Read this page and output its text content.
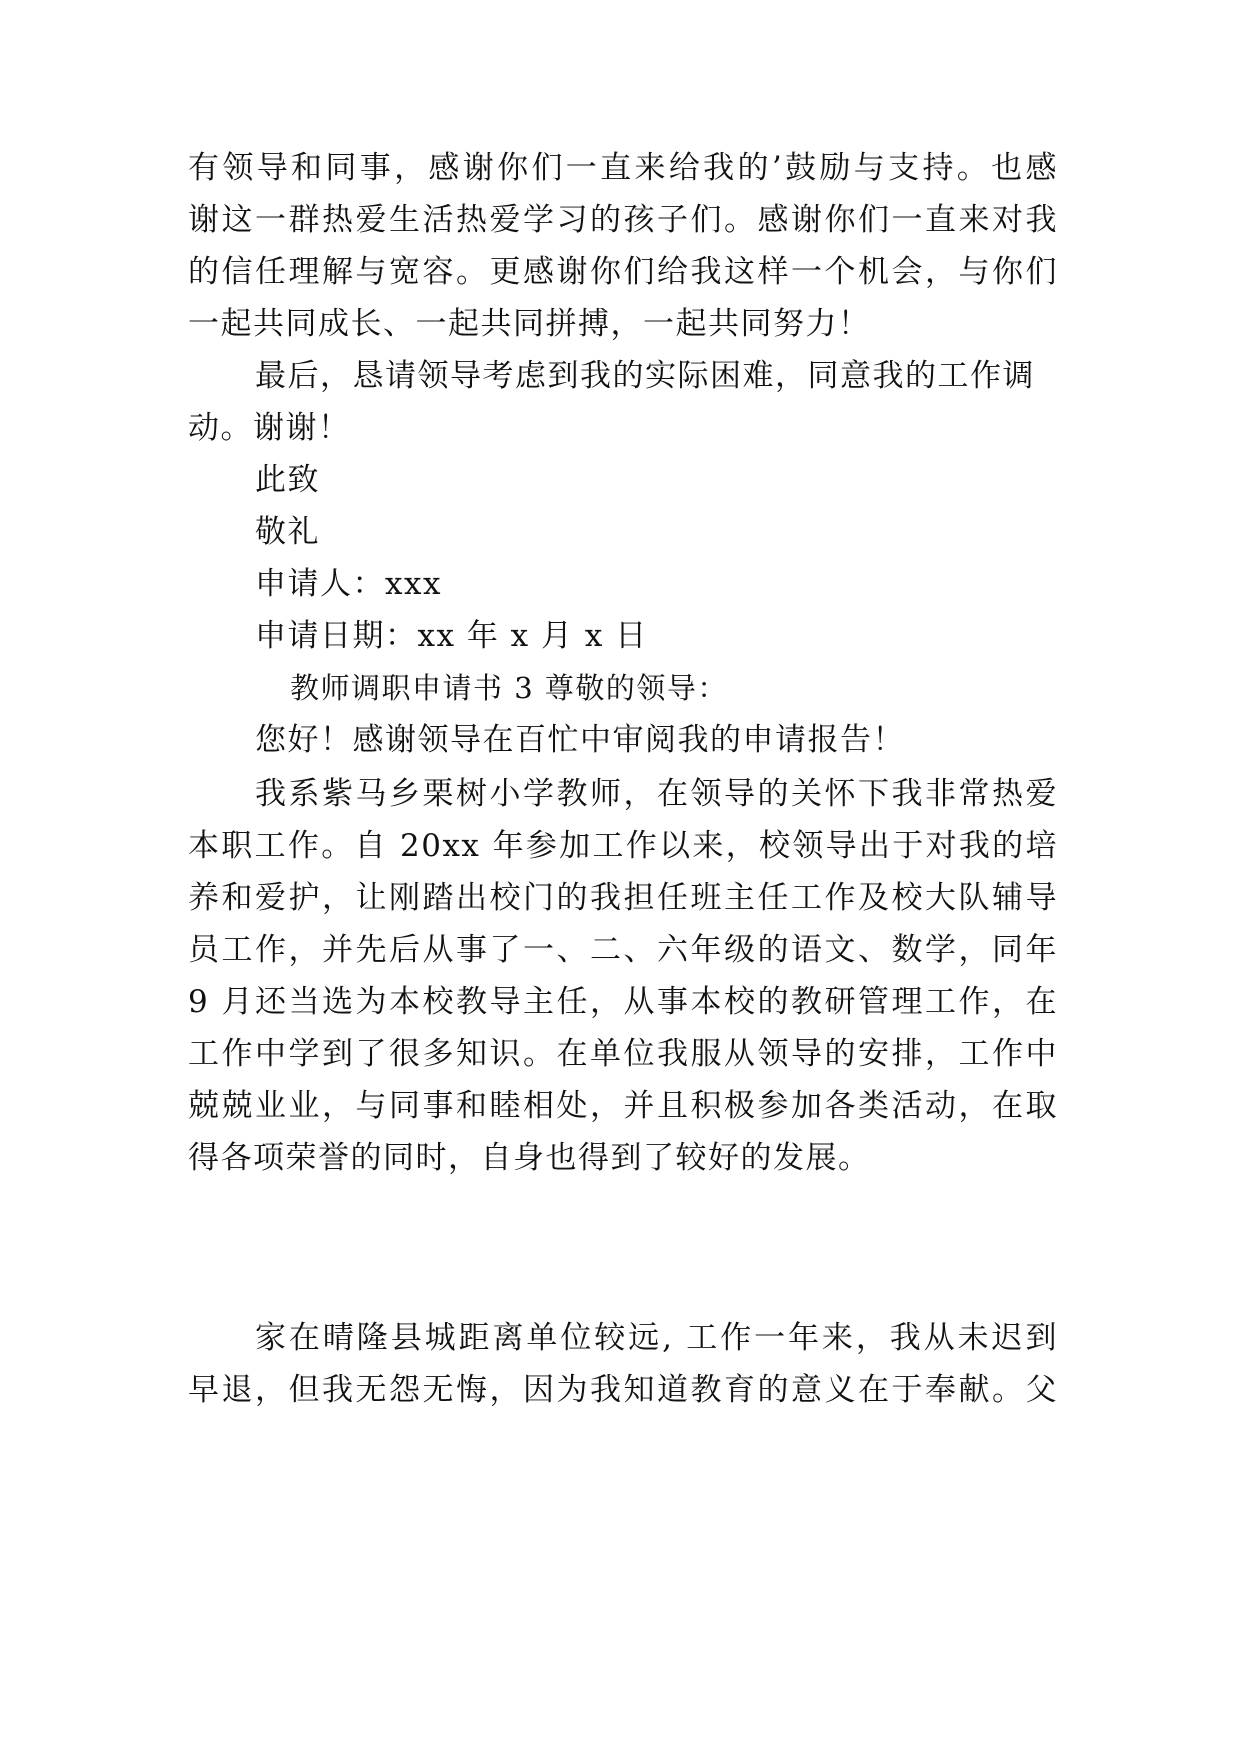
有领导和同事，感谢你们一直来给我的’鼓励与支持。也感
谢这一群热爱生活热爱学习的孩子们。感谢你们一直来对我
的信任理解与宽容。更感谢你们给我这样一个机会，与你们
一起共同成长、一起共同拼搏，一起共同努力！
最后，恳请领导考虑到我的实际困难，同意我的工作调
动。谢谢！
此致
敬礼
申请人：xxx
申请日期：xx 年 x 月 x 日
教师调职申请书 3 尊敬的领导：
您好！感谢领导在百忙中审阅我的申请报告！
我系紫马乡栗树小学教师，在领导的关怀下我非常热爱
本职工作。自 20xx 年参加工作以来，校领导出于对我的培
养和爱护，让刚踏出校门的我担任班主任工作及校大队辅导
员工作，并先后从事了一、二、六年级的语文、数学，同年
9 月还当选为本校教导主任，从事本校的教研管理工作，在
工作中学到了很多知识。在单位我服从领导的安排，工作中
兢兢业业，与同事和睦相处，并且积极参加各类活动，在取
得各项荣誉的同时，自身也得到了较好的发展。
家在晴隆县城距离单位较远, 工作一年来，我从未迟到
早退，但我无怨无悔，因为我知道教育的意义在于奉献。父
